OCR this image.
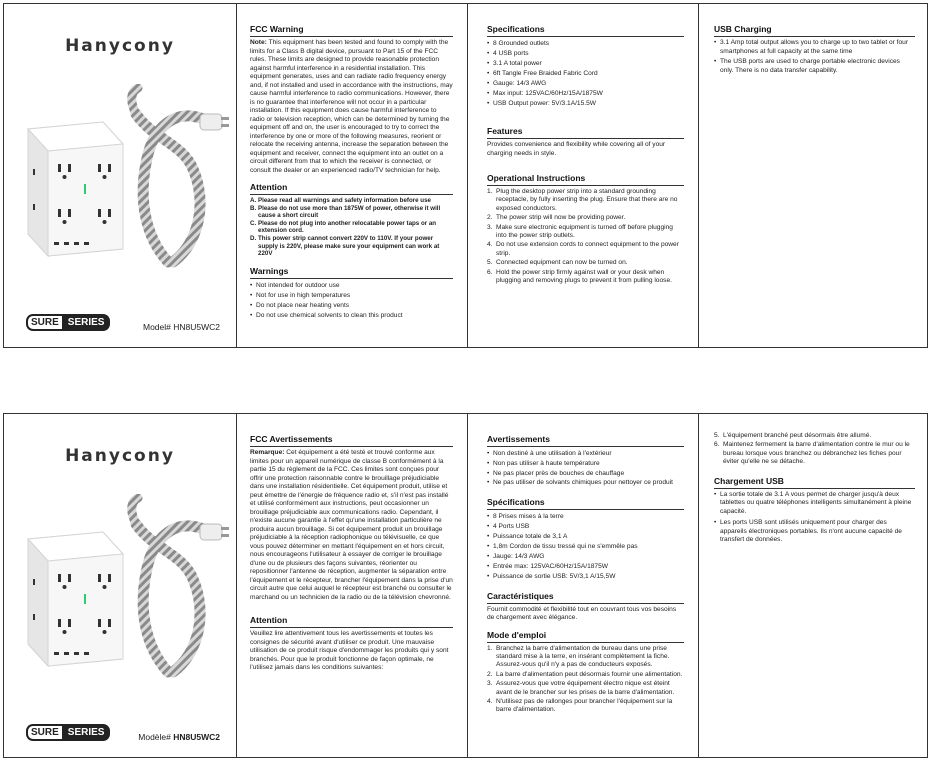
Hanycony
SURE SERIES	Model# HN8U5WC2
FCC Warning

Note: This equipment has been tested and found to comply with the limits for a Class B digital device, pursuant to Part 15 of the FCC rules. These limits are designed to provide reasonable protection against harmful interference in a residential installation. This equipment generates, uses and can radiate radio frequency energy and, if not installed and used in accordance with the instructions, may cause harmful interference to radio communications. However, there is no guarantee that interference will not occur in a particular installation. If this equipment does cause harmful interference to radio or television reception, which can be determined by turning the equipment off and on, the user is encouraged to try to correct the interference by one or more of the following measures, reorient or relocate the receiving antenna, increase the separation between the equipment and receiver, connect the equipment into an outlet on a circuit different from that to which the receiver is connected, or consult the dealer or an experienced radio/TV technician for help.

Attention
A. Please read all warnings and safety information before use
B. Please do not use more than 1875W of power, otherwise it will cause a short circuit
C. Please do not plug into another relocatable power taps or an extension cord.
D. This power strip cannot convert 220V to 110V. If your power supply is 220V, please make sure your equipment can work at 220V
Warnings
• Not intended for outdoor use
• Not for use in high temperatures
• Do not place near heating vents
• Do not use chemical solvents to clean this product
Specifications
• 8 Grounded outlets
• 4 USB ports
• 3.1 A total power
• 6ft Tangle Free Braided Fabric Cord
• Gauge: 14/3 AWG
• Max input: 125VAC/60Hz/15A/1875W
• USB Output power: 5V/3.1A/15.5W
Features

Provides convenience and flexibility while covering all of your charging needs in style.

Operational Instructions
1. Plug the desktop power strip into a standard grounding receptacle, by fully inserting the plug. Ensure that there are no exposed conductors.
2. The power strip will now be providing power.
3. Make sure electronic equipment is turned off before plugging into the power strip outlets.
4. Do not use extension cords to connect equipment to the power strip.
5. Connected equipment can now be turned on.
6. Hold the power strip firmly against wall or your desk when plugging and removing plugs to prevent it from pulling loose.
USB Charging
• 3.1 Amp total output allows you to charge up to two tablet or four smartphones at full capacity at the same time
• The USB ports are used to charge portable electronic devices only. There is no data transfer capability.
Hanycony
SURE SERIES	Modèle# HN8U5WC2
FCC Avertissements

Remarque: Cet équipement a été testé et trouvé conforme aux limites pour un appareil numérique de classe B conformément à la partie 15 du règlement de la FCC. Ces limites sont conçues pour offrir une protection raisonnable contre le brouillage préjudiciable dans une installation résidentielle. Cet équipement produit, utilise et peut émettre de l'énergie de fréquence radio et, s'il n'est pas installé et utilisé conformément aux instructions, peut occasionner un brouillage préjudiciable aux communications radio. Cependant, il n'existe aucune garantie à l'effet qu'une installation particulière ne produira aucun brouillage. Si cet équipement produit un brouillage préjudiciable à la réception radiophonique ou télévisuelle, ce que vous pouvez déterminer en mettant l'équipement en et hors circuit, nous encourageons l'utilisateur à essayer de corriger le brouillage d'une ou de plusieurs des façons suivantes, réorienter ou repositionner l'antenne de réception, augmenter la séparation entre l'équipement et le récepteur, brancher l'équipement dans la prise d'un circuit autre que celui auquel le récepteur est branché ou consulter le marchand ou un technicien de la radio ou de la télévision chevronné.

Attention

Veuillez lire attentivement tous les avertissements et toutes les consignes de sécurité avant d'utiliser ce produit. Une mauvaise utilisation de ce produit risque d'endommager les produits qui y sont branchés. Pour que le produit fonctionne de façon optimale, ne l'utilisez jamais dans les conditions suivantes:

Avertissements
• Non destiné à une utilisation à l'extérieur
• Non pas utiliser à haute température
• Ne pas placer près de bouches de chauffage
• Ne pas utiliser de solvants chimiques pour nettoyer ce produit
Spécifications
• 8 Prises mises à la terre
• 4 Ports USB
• Puissance totale de 3,1 A
• 1,8m Cordon de tissu tressé qui ne s'emmêle pas
• Jauge: 14/3 AWG
• Entrée max: 125VAC/60Hz/15A/1875W
• Puissance de sortie USB: 5V/3,1 A/15,5W
Caractéristiques

Fournit commodité et flexibilité tout en couvrant tous vos besoins de chargement avec élégance.

Mode d'emploi
1. Branchez la barre d'alimentation de bureau dans une prise standard mise à la terre, en insérant complètement la fiche. Assurez-vous qu'il n'y a pas de conducteurs exposés.
2. La barre d'alimentation peut désormais fournir une alimentation.
3. Assurez-vous que votre équipement électro nique est éteint avant de le brancher sur les prises de la barre d'alimentation.
4. N'utilisez pas de rallonges pour brancher l'équipement sur la barre d'alimentation.
5. L'équipement branché peut désormais être allumé.
6. Maintenez fermement la barre d'alimentation contre le mur ou le bureau lorsque vous branchez ou débranchez les fiches pour éviter qu'elle ne se détache.
Chargement USB
• La sortie totale de 3.1 A vous permet de charger jusqu'à deux tablettes ou quatre téléphones intelligents simultanément à pleine capacité.
• Les ports USB sont utilisés uniquement pour charger des appareils électroniques portables. Ils n'ont aucune capacité de transfert de données.
